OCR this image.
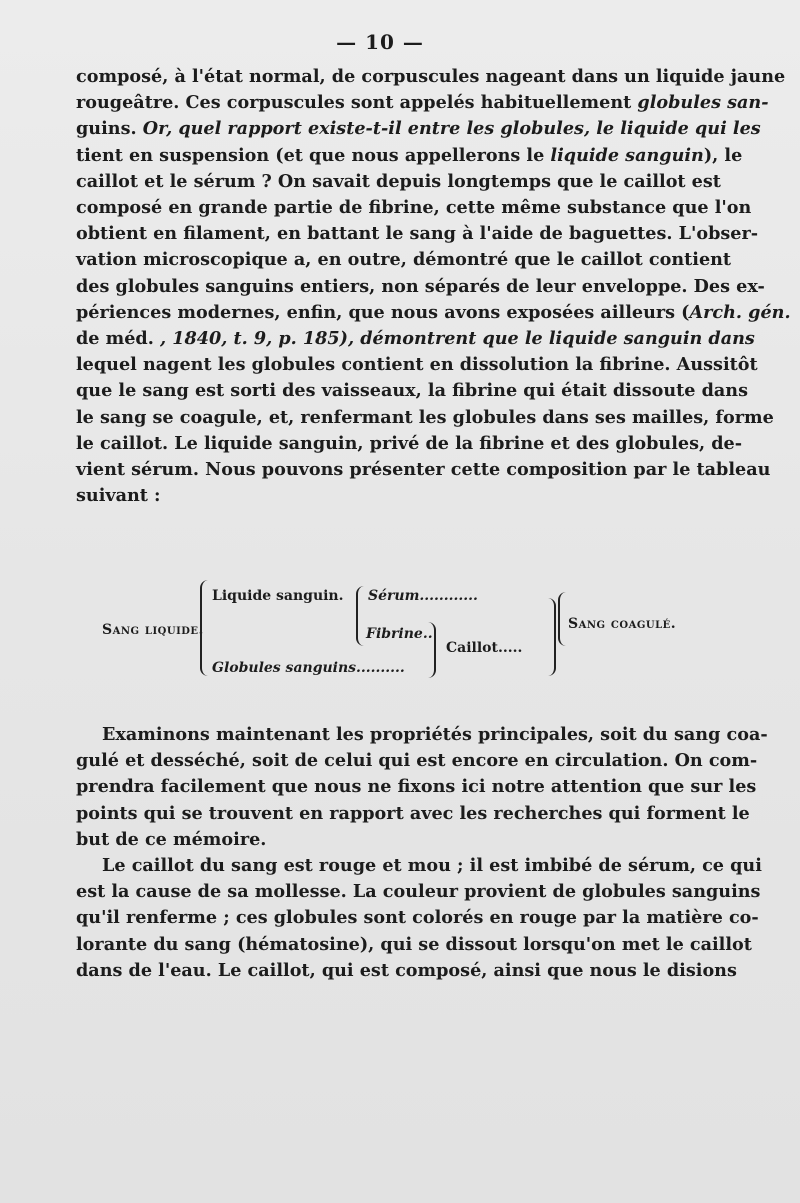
— 10 —
composé, à l'état normal, de corpuscules nageant dans un liquide jaune
rougeâtre. Ces corpuscules sont appelés habituellement globules san-
guins. Or, quel rapport existe-t-il entre les globules, le liquide qui les
tient en suspension (et que nous appellerons le liquide sanguin), le
caillot et le sérum ? On savait depuis longtemps que le caillot est
composé en grande partie de fibrine, cette même substance que l'on
obtient en filament, en battant le sang à l'aide de baguettes. L'obser-
vation microscopique a, en outre, démontré que le caillot contient
des globules sanguins entiers, non séparés de leur enveloppe. Des ex-
périences modernes, enfin, que nous avons exposées ailleurs (Arch. gén.
de méd. , 1840, t. 9, p. 185), démontrent que le liquide sanguin dans
lequel nagent les globules contient en dissolution la fibrine. Aussitôt
que le sang est sorti des vaisseaux, la fibrine qui était dissoute dans
le sang se coagule, et, renfermant les globules dans ses mailles, forme
le caillot. Le liquide sanguin, privé de la fibrine et des globules, de-
vient sérum. Nous pouvons présenter cette composition par le tableau
suivant :
Sang liquide.
Liquide sanguin. Sérum............
Fibrine..
Caillot.....
Globules sanguins..........
Sang coagulé.
Examinons maintenant les propriétés principales, soit du sang coa-
gulé et desséché, soit de celui qui est encore en circulation. On com-
prendra facilement que nous ne fixons ici notre attention que sur les
points qui se trouvent en rapport avec les recherches qui forment le
but de ce mémoire.
Le caillot du sang est rouge et mou ; il est imbibé de sérum, ce qui
est la cause de sa mollesse. La couleur provient de globules sanguins
qu'il renferme ; ces globules sont colorés en rouge par la matière co-
lorante du sang (hématosine), qui se dissout lorsqu'on met le caillot
dans de l'eau. Le caillot, qui est composé, ainsi que nous le disions
